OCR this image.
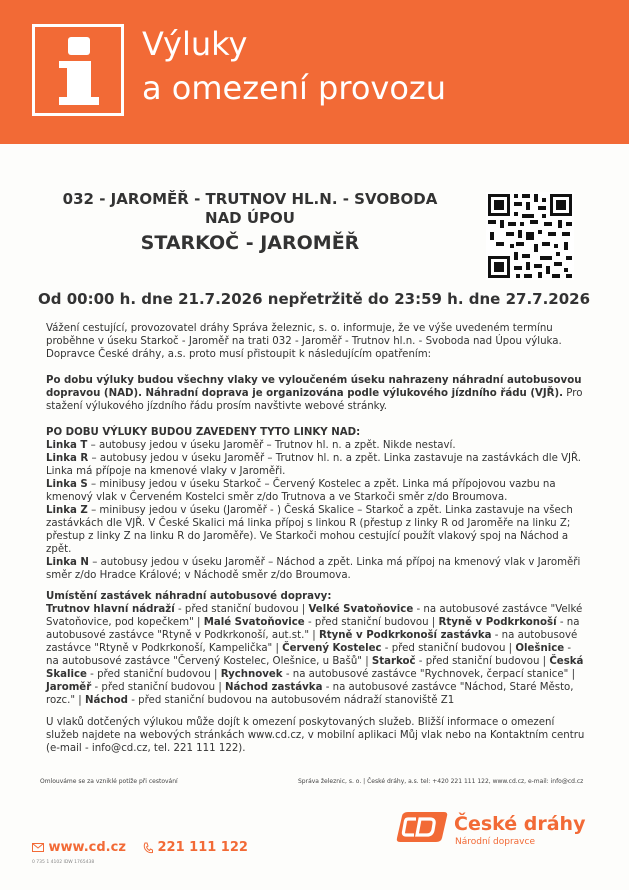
Výluky
a omezení provozu
032 - JAROMĚŘ - TRUTNOV HL.N. - SVOBODA
NAD ÚPOU
STARKOČ - JAROMĚŘ
Od 00:00 h. dne 21.7.2026 nepřetržitě do 23:59 h. dne 27.7.2026

Vážení cestující, provozovatel dráhy Správa železnic, s. o. informuje, že ve výše uvedeném termínu proběhne v úseku Starkoč - Jaroměř na trati 032 - Jaroměř - Trutnov hl.n. - Svoboda nad Úpou výluka. Dopravce České dráhy, a.s. proto musí přistoupit k následujícím opatřením:

Po dobu výluky budou všechny vlaky ve vyloučeném úseku nahrazeny náhradní autobusovou dopravou (NAD). Náhradní doprava je organizována podle výlukového jízdního řádu (VJŘ). Pro stažení výlukového jízdního řádu prosím navštivte webové stránky.

PO DOBU VÝLUKY BUDOU ZAVEDENY TYTO LINKY NAD:

Linka T – autobusy jedou v úseku Jaroměř – Trutnov hl. n. a zpět. Nikde nestaví.
Linka R – autobusy jedou v úseku Jaroměř – Trutnov hl. n. a zpět. Linka zastavuje na zastávkách dle VJŘ. Linka má přípoje na kmenové vlaky v Jaroměři.
Linka S – minibusy jedou v úseku Starkoč – Červený Kostelec a zpět. Linka má přípojovou vazbu na kmenový vlak v Červeném Kostelci směr z/do Trutnova a ve Starkoči směr z/do Broumova.
Linka Z – minibusy jedou v úseku (Jaroměř - ) Česká Skalice – Starkoč a zpět. Linka zastavuje na všech zastávkách dle VJŘ. V České Skalici má linka přípoj s linkou R (přestup z linky R od Jaroměře na linku Z; přestup z linky Z na linku R do Jaroměře). Ve Starkoči mohou cestující použít vlakový spoj na Náchod a zpět.
Linka N – autobusy jedou v úseku Jaroměř – Náchod a zpět. Linka má přípoj na kmenový vlak v Jaroměři směr z/do Hradce Králové; v Náchodě směr z/do Broumova.

Umístění zastávek náhradní autobusové dopravy:

Trutnov hlavní nádraží - před staniční budovou | Velké Svatoňovice - na autobusové zastávce "Velké Svatoňovice, pod kopečkem" | Malé Svatoňovice - před staniční budovou | Rtyně v Podkrkonoší - na autobusové zastávce "Rtyně v Podkrkonoší, aut.st." | Rtyně v Podkrkonoší zastávka - na autobusové zastávce "Rtyně v Podkrkonoší, Kampelička" | Červený Kostelec - před staniční budovou | Olešnice - na autobusové zastávce "Červený Kostelec, Olešnice, u Bašů" | Starkoč - před staniční budovou | Česká Skalice - před staniční budovou | Rychnovek - na autobusové zastávce "Rychnovek, čerpací stanice" | Jaroměř - před staniční budovou | Náchod zastávka - na autobusové zastávce "Náchod, Staré Město, rozc." | Náchod - před staniční budovou na autobusovém nádraží stanoviště Z1

U vlaků dotčených výlukou může dojít k omezení poskytovaných služeb. Bližší informace o omezení služeb najdete na webových stránkách www.cd.cz, v mobilní aplikaci Můj vlak nebo na Kontaktním centru (e-mail - info@cd.cz, tel. 221 111 122).

Omlouváme se za vzniklé potíže při cestování	Správa železnic, s. o. | České dráhy, a.s. tel: +420 221 111 122, www.cd.cz, e-mail: info@cd.cz
www.cd.cz 221 111 122
0 735 1 4102 IDW 1765438
České dráhy
Národní dopravce
